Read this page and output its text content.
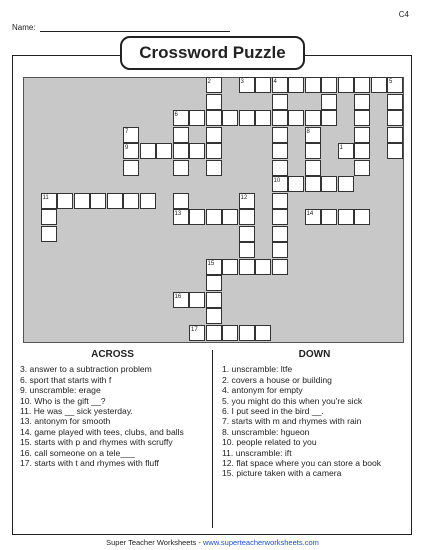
C4
Name:
Crossword Puzzle
1
2	3	4	5
6
7	8
9
10
11	12
13	14
15
16
17
ACROSS
3. answer to a subtraction problem
6. sport that starts with f
9. unscramble: erage
10. Who is the gift __?
11. He was __ sick yesterday.
13. antonym for smooth
14. game played with tees, clubs, and balls
15. starts with p and rhymes with scruffy
16. call someone on a tele___
17. starts with t and rhymes with fluff
DOWN
1. unscramble: ltfe
2. covers a house or building
4. antonym for empty
5. you might do this when you're sick
6. I put seed in the bird __.
7. starts with m and rhymes with rain
8. unscramble: hgueon
10. people related to you
11. unscramble: ift
12. flat space where you can store a book
15. picture taken with a camera
Super Teacher Worksheets - www.superteacherworksheets.com
